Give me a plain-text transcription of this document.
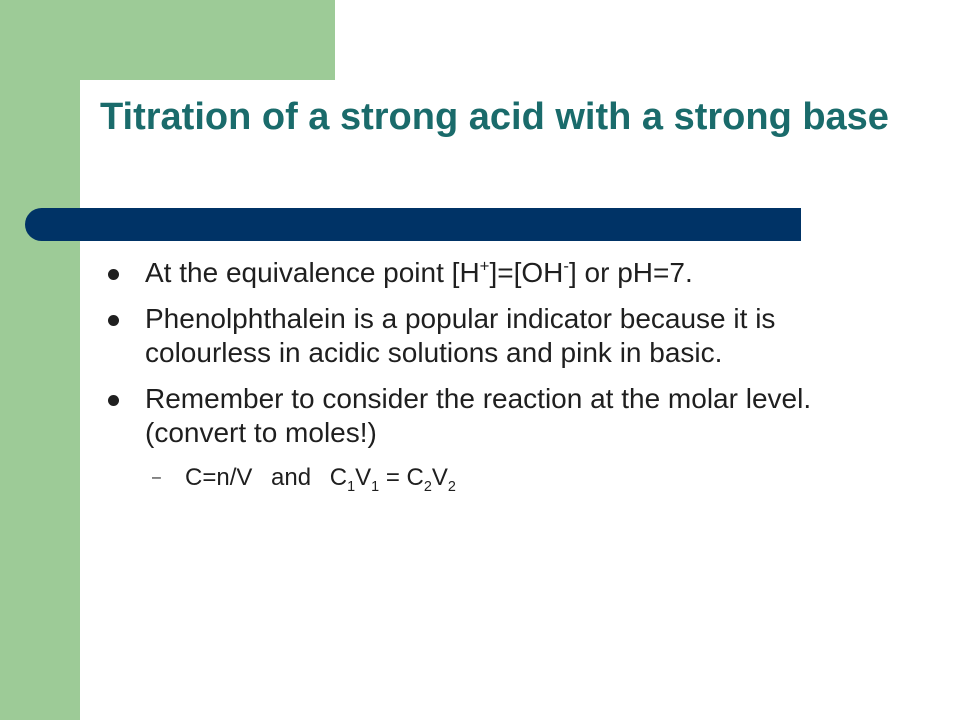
Titration of a strong acid with a strong base
At the equivalence point [H+]=[OH-] or pH=7.
Phenolphthalein is a popular indicator because it is colourless in acidic solutions and pink in basic.
Remember to consider the reaction at the molar level. (convert to moles!)
– C=n/V and $C_1V_1 = C_2V_2$
